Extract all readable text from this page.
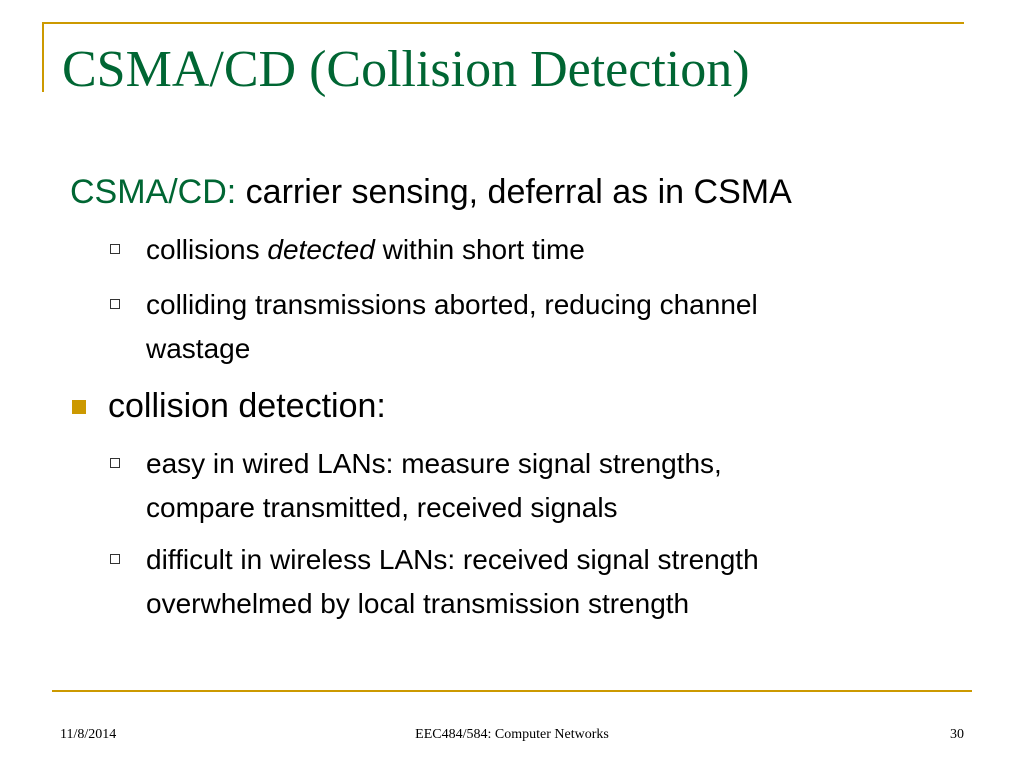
CSMA/CD (Collision Detection)

CSMA/CD: carrier sensing, deferral as in CSMA

collisions detected within short time
colliding transmissions aborted, reducing channel
wastage
collision detection:
easy in wired LANs: measure signal strengths,
compare transmitted, received signals
difficult in wireless LANs: received signal strength
overwhelmed by local transmission strength
11/8/2014	EEC484/584: Computer Networks	30
